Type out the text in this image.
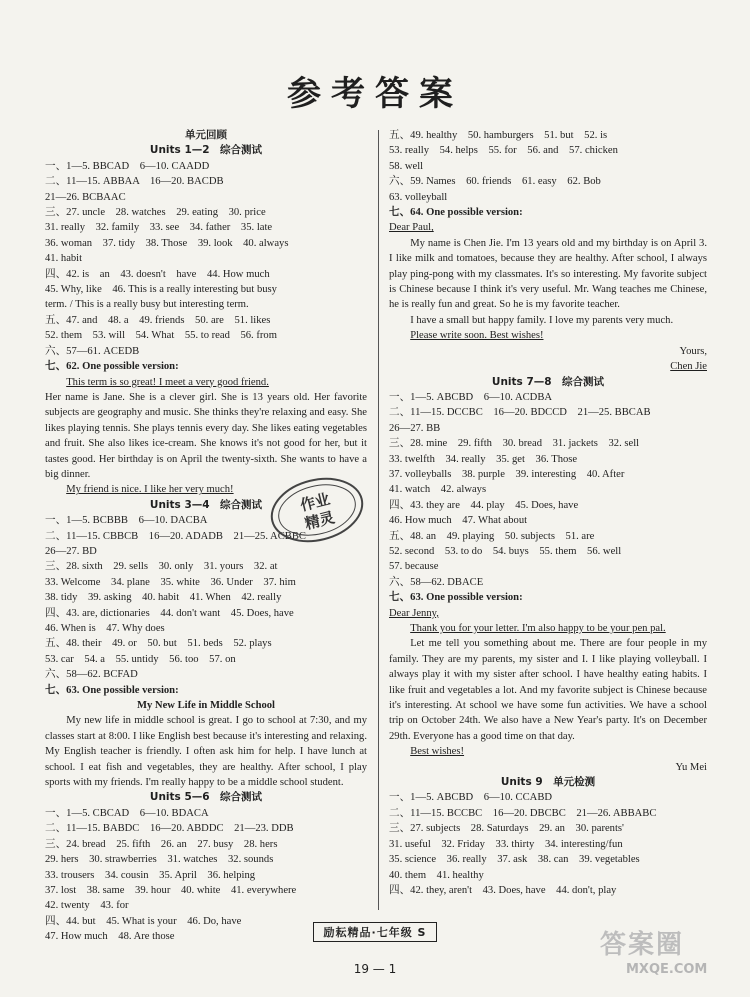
参考答案
单元回顾
Units 1—2　综合测试
一、1—5. BBCAD　6—10. CAADD
二、11—15. ABBAA　16—20. BACDB
21—26. BCBAAC
三、27. uncle　28. watches　29. eating　30. price
31. really　32. family　33. see　34. father　35. late
36. woman　37. tidy　38. Those　39. look　40. always
41. habit
四、42. is　an　43. doesn't　have　44. How much
45. Why, like　46. This is a really interesting but busy
term. / This is a really busy but interesting term.
五、47. and　48. a　49. friends　50. are　51. likes
52. them　53. will　54. What　55. to read　56. from
六、57—61. ACEDB
七、62. One possible version:
This term is so great! I meet a very good friend.
Her name is Jane. She is a clever girl. She is 13 years old. Her favorite subjects are geography and music. She thinks they're relaxing and easy. She likes playing tennis. She plays tennis every day. She likes eating vegetables and fruit. She also likes ice-cream. She knows it's not good for her, but it tastes good. Her birthday is on April the twenty-sixth. She wants to have a big dinner.
My friend is nice. I like her very much!
Units 3—4　综合测试
一、1—5. BCBBB　6—10. DACBA
二、11—15. CBBCB　16—20. ADADB　21—25. ACBBC
26—27. BD
三、28. sixth　29. sells　30. only　31. yours　32. at
33. Welcome　34. plane　35. white　36. Under　37. him
38. tidy　39. asking　40. habit　41. When　42. really
四、43. are, dictionaries　44. don't want　45. Does, have
46. When is　47. Why does
五、48. their　49. or　50. but　51. beds　52. plays
53. car　54. a　55. untidy　56. too　57. on
六、58—62. BCFAD
七、63. One possible version:
My New Life in Middle School
My new life in middle school is great. I go to school at 7:30, and my classes start at 8:00. I like English best because it's interesting and relaxing. My English teacher is friendly. I often ask him for help. I have lunch at school. I eat fish and vegetables, they are healthy. After school, I play sports with my friends. I'm really happy to be a middle school student.
Units 5—6　综合测试
一、1—5. CBCAD　6—10. BDACA
二、11—15. BABDC　16—20. ABDDC　21—23. DDB
三、24. bread　25. fifth　26. an　27. busy　28. hers
29. hers　30. strawberries　31. watches　32. sounds
33. trousers　34. cousin　35. April　36. helping
37. lost　38. same　39. hour　40. white　41. everywhere
42. twenty　43. for
四、44. but　45. What is your　46. Do, have
47. How much　48. Are those
五、49. healthy　50. hamburgers　51. but　52. is
53. really　54. helps　55. for　56. and　57. chicken
58. well
六、59. Names　60. friends　61. easy　62. Bob
63. volleyball
七、64. One possible version:
Dear Paul,
My name is Chen Jie. I'm 13 years old and my birthday is on April 3. I like milk and tomatoes, because they are healthy. After school, I always play ping-pong with my classmates. It's so interesting. My favorite subject is Chinese because I think it's very useful. Mr. Wang teaches me Chinese, he is really fun and great. So he is my favorite teacher.
I have a small but happy family. I love my parents very much.
Please write soon. Best wishes!
Yours,
Chen Jie
Units 7—8　综合测试
一、1—5. ABCBD　6—10. ACDBA
二、11—15. DCCBC　16—20. BDCCD　21—25. BBCAB
26—27. BB
三、28. mine　29. fifth　30. bread　31. jackets　32. sell
33. twelfth　34. really　35. get　36. Those
37. volleyballs　38. purple　39. interesting　40. After
41. watch　42. always
四、43. they are　44. play　45. Does, have
46. How much　47. What about
五、48. an　49. playing　50. subjects　51. are
52. second　53. to do　54. buys　55. them　56. well
57. because
六、58—62. DBACE
七、63. One possible version:
Dear Jenny,
Thank you for your letter. I'm also happy to be your pen pal.
Let me tell you something about me. There are four people in my family. They are my parents, my sister and I. I like playing volleyball. I always play it with my sister after school. I have healthy eating habits. I like fruit and vegetables a lot. And my favorite subject is Chinese because it's interesting. At school we have some fun activities. We have a school trip on October 24th. We also have a New Year's party. It's on December 29th. Everyone has a good time on that day.
Best wishes!
Yu Mei
Units 9　单元检测
一、1—5. ABCBD　6—10. CCABD
二、11—15. BCCBC　16—20. DBCBC　21—26. ABBABC
三、27. subjects　28. Saturdays　29. an　30. parents'
31. useful　32. Friday　33. thirty　34. interesting/fun
35. science　36. really　37. ask　38. can　39. vegetables
40. them　41. healthy
四、42. they, aren't　43. Does, have　44. don't, play
作业
精灵
励耘精品·七年级 S
19 — 1
答案圈
MXQE.COM
